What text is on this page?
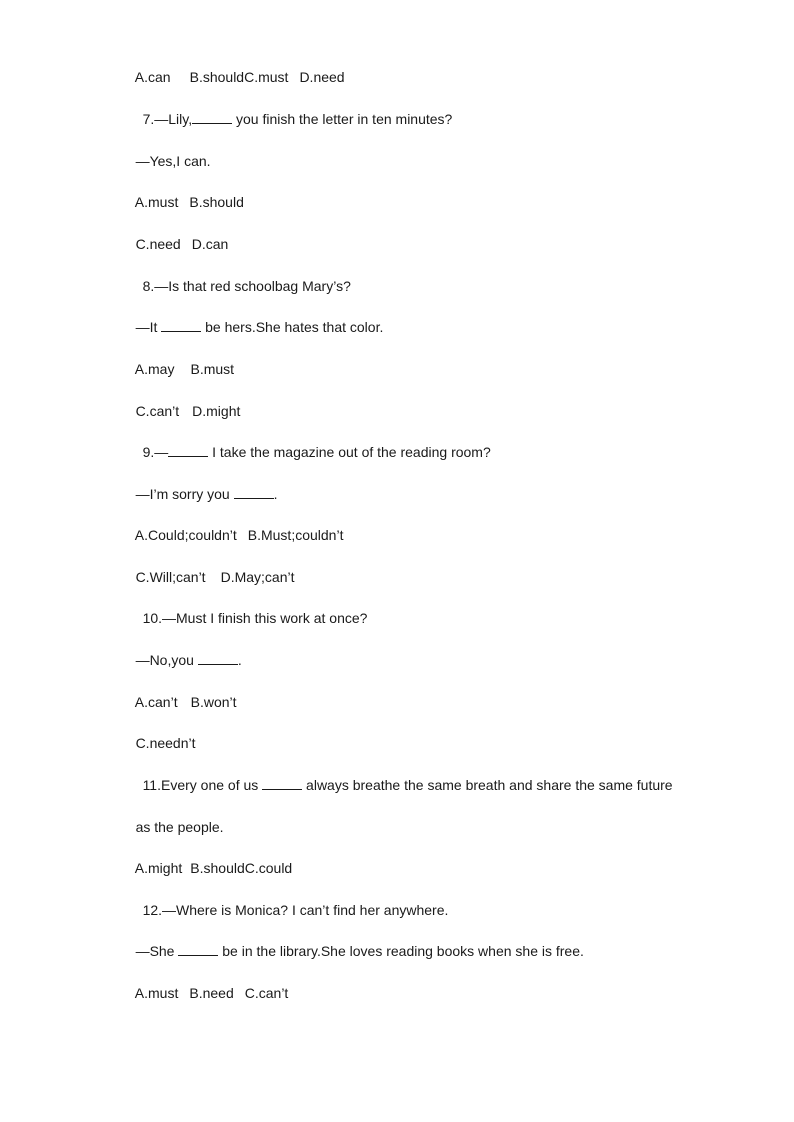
A.can B.shouldC.must D.need

7.—Lily,	you finish the letter in ten minutes?

—Yes,I can.

A.must B.should

C.need D.can

8.—Is that red schoolbag Mary’s?

—It	be hers.She hates that color.

A.may B.must

C.can’t D.might

9.—	I take the magazine out of the reading room?

—I’m sorry you	.

A.Could;couldn’t B.Must;couldn’t

C.Will;can’t D.May;can’t

10.—Must I finish this work at once?

—No,you	.

A.can’t B.won’t

C.needn’t

11.Every one of us	always breathe the same breath and share the same future

as the people.

A.might B.shouldC.could

12.—Where is Monica? I can’t find her anywhere.

—She	be in the library.She loves reading books when she is free.

A.must B.need C.can’t
